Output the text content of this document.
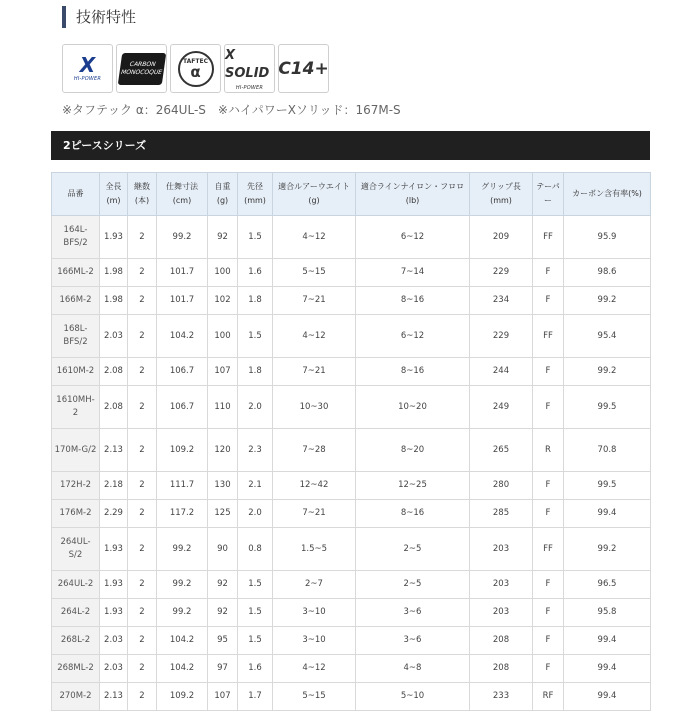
技術特性
X
HI-POWER
CARBON
MONOCOQUE
TAFTEC
α
X SOLID
HI-POWER
C14+
※タフテック α：264UL-S　※ハイパワーXソリッド：167M-S
2ピースシリーズ
品番	全長(m)	継数(本)	仕舞寸法(cm)	自重(g)	先径(mm)	適合ルアーウエイト(g)	適合ラインナイロン・フロロ(lb)	グリップ長(mm)	テーパー	カーボン含有率(%)
164L-BFS/2	1.93	2	99.2	92	1.5	4~12	6~12	209	FF	95.9
166ML-2	1.98	2	101.7	100	1.6	5~15	7~14	229	F	98.6
166M-2	1.98	2	101.7	102	1.8	7~21	8~16	234	F	99.2
168L-BFS/2	2.03	2	104.2	100	1.5	4~12	6~12	229	FF	95.4
1610M-2	2.08	2	106.7	107	1.8	7~21	8~16	244	F	99.2
1610MH-2	2.08	2	106.7	110	2.0	10~30	10~20	249	F	99.5
170M-G/2	2.13	2	109.2	120	2.3	7~28	8~20	265	R	70.8
172H-2	2.18	2	111.7	130	2.1	12~42	12~25	280	F	99.5
176M-2	2.29	2	117.2	125	2.0	7~21	8~16	285	F	99.4
264UL-S/2	1.93	2	99.2	90	0.8	1.5~5	2~5	203	FF	99.2
264UL-2	1.93	2	99.2	92	1.5	2~7	2~5	203	F	96.5
264L-2	1.93	2	99.2	92	1.5	3~10	3~6	203	F	95.8
268L-2	2.03	2	104.2	95	1.5	3~10	3~6	208	F	99.4
268ML-2	2.03	2	104.2	97	1.6	4~12	4~8	208	F	99.4
270M-2	2.13	2	109.2	107	1.7	5~15	5~10	233	RF	99.4
